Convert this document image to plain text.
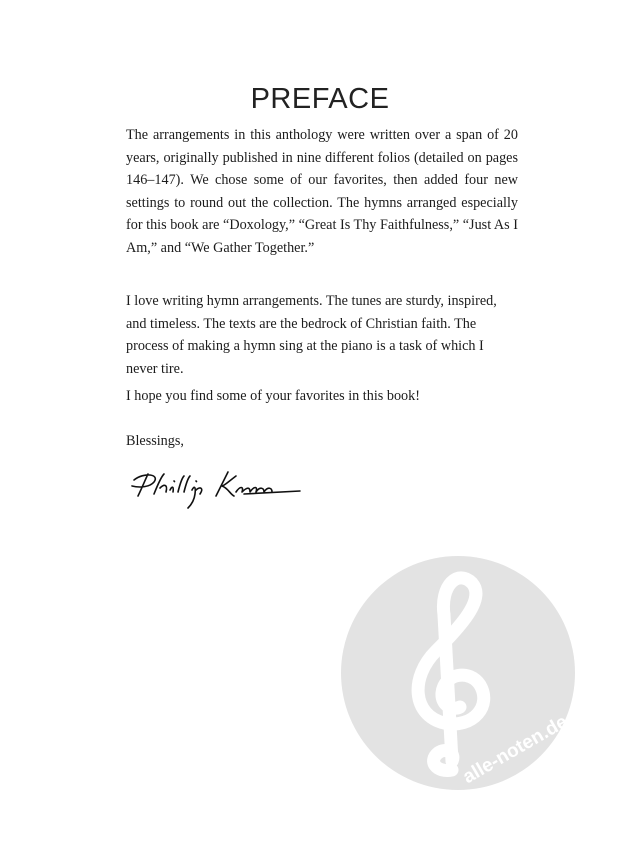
PREFACE

The arrangements in this anthology were written over a span of 20 years, originally published in nine different folios (detailed on pages 146–147). We chose some of our favorites, then added four new settings to round out the collection. The hymns arranged especially for this book are “Doxology,” “Great Is Thy Faithfulness,” “Just As I Am,” and “We Gather Together.”

I love writing hymn arrangements. The tunes are sturdy, inspired, and timeless. The texts are the bedrock of Christian faith. The process of making a hymn sing at the piano is a task of which I never tire.

I hope you find some of your favorites in this book!

Blessings,

alle-noten.de
